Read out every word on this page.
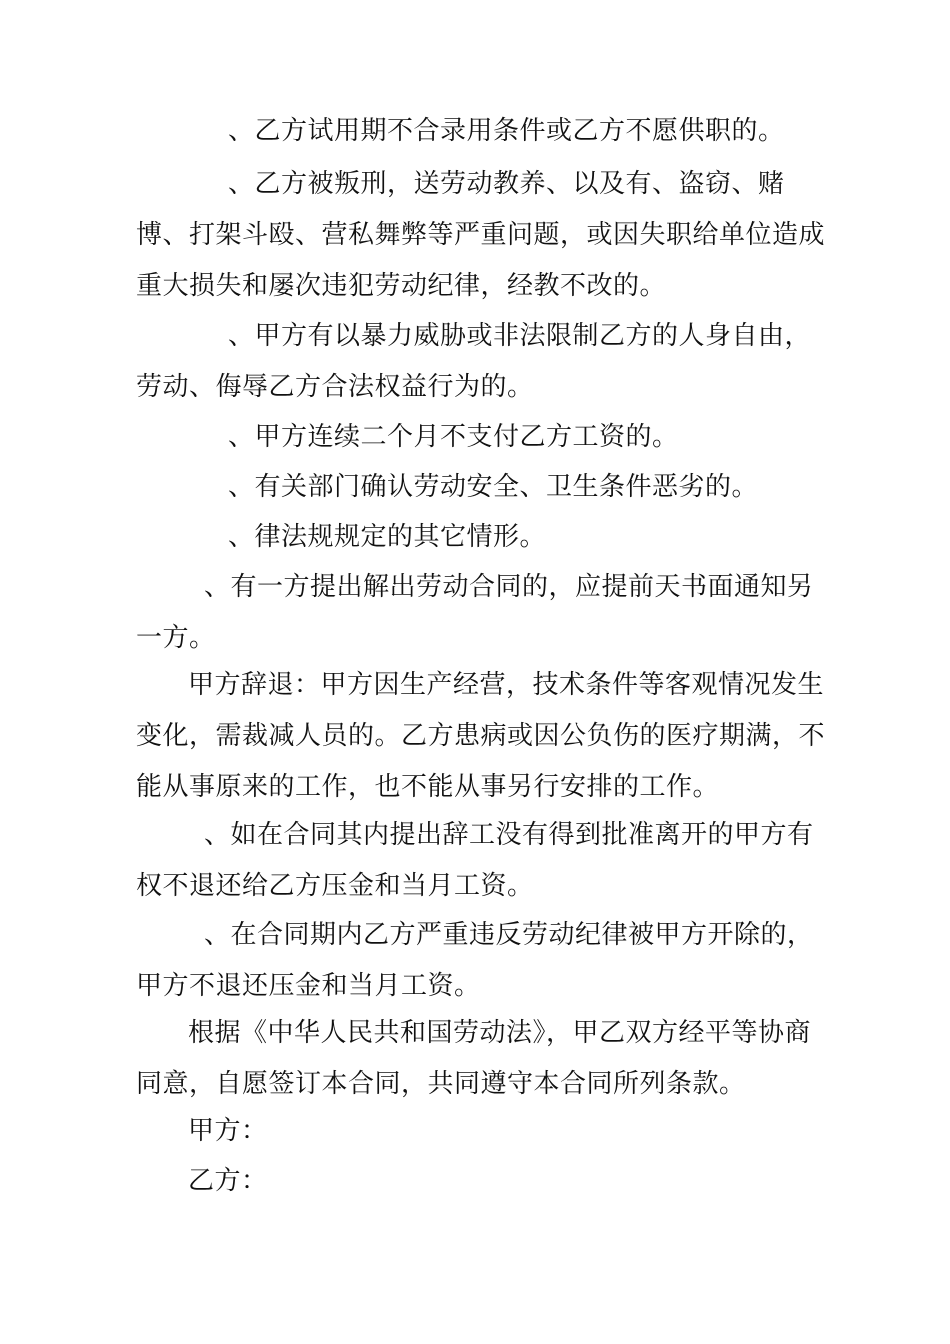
、乙方试用期不合录用条件或乙方不愿供职的。

、乙方被叛刑，送劳动教养、以及有、盗窃、赌博、打架斗殴、营私舞弊等严重问题，或因失职给单位造成重大损失和屡次违犯劳动纪律，经教不改的。

、甲方有以暴力威胁或非法限制乙方的人身自由，劳动、侮辱乙方合法权益行为的。

、甲方连续二个月不支付乙方工资的。

、有关部门确认劳动安全、卫生条件恶劣的。

、律法规规定的其它情形。

、有一方提出解出劳动合同的，应提前天书面通知另一方。

甲方辞退：甲方因生产经营，技术条件等客观情况发生变化，需裁减人员的。乙方患病或因公负伤的医疗期满，不能从事原来的工作，也不能从事另行安排的工作。

、如在合同其内提出辞工没有得到批准离开的甲方有权不退还给乙方压金和当月工资。

、在合同期内乙方严重违反劳动纪律被甲方开除的，甲方不退还压金和当月工资。

根据《中华人民共和国劳动法》，甲乙双方经平等协商同意，自愿签订本合同，共同遵守本合同所列条款。

甲方：

乙方：
